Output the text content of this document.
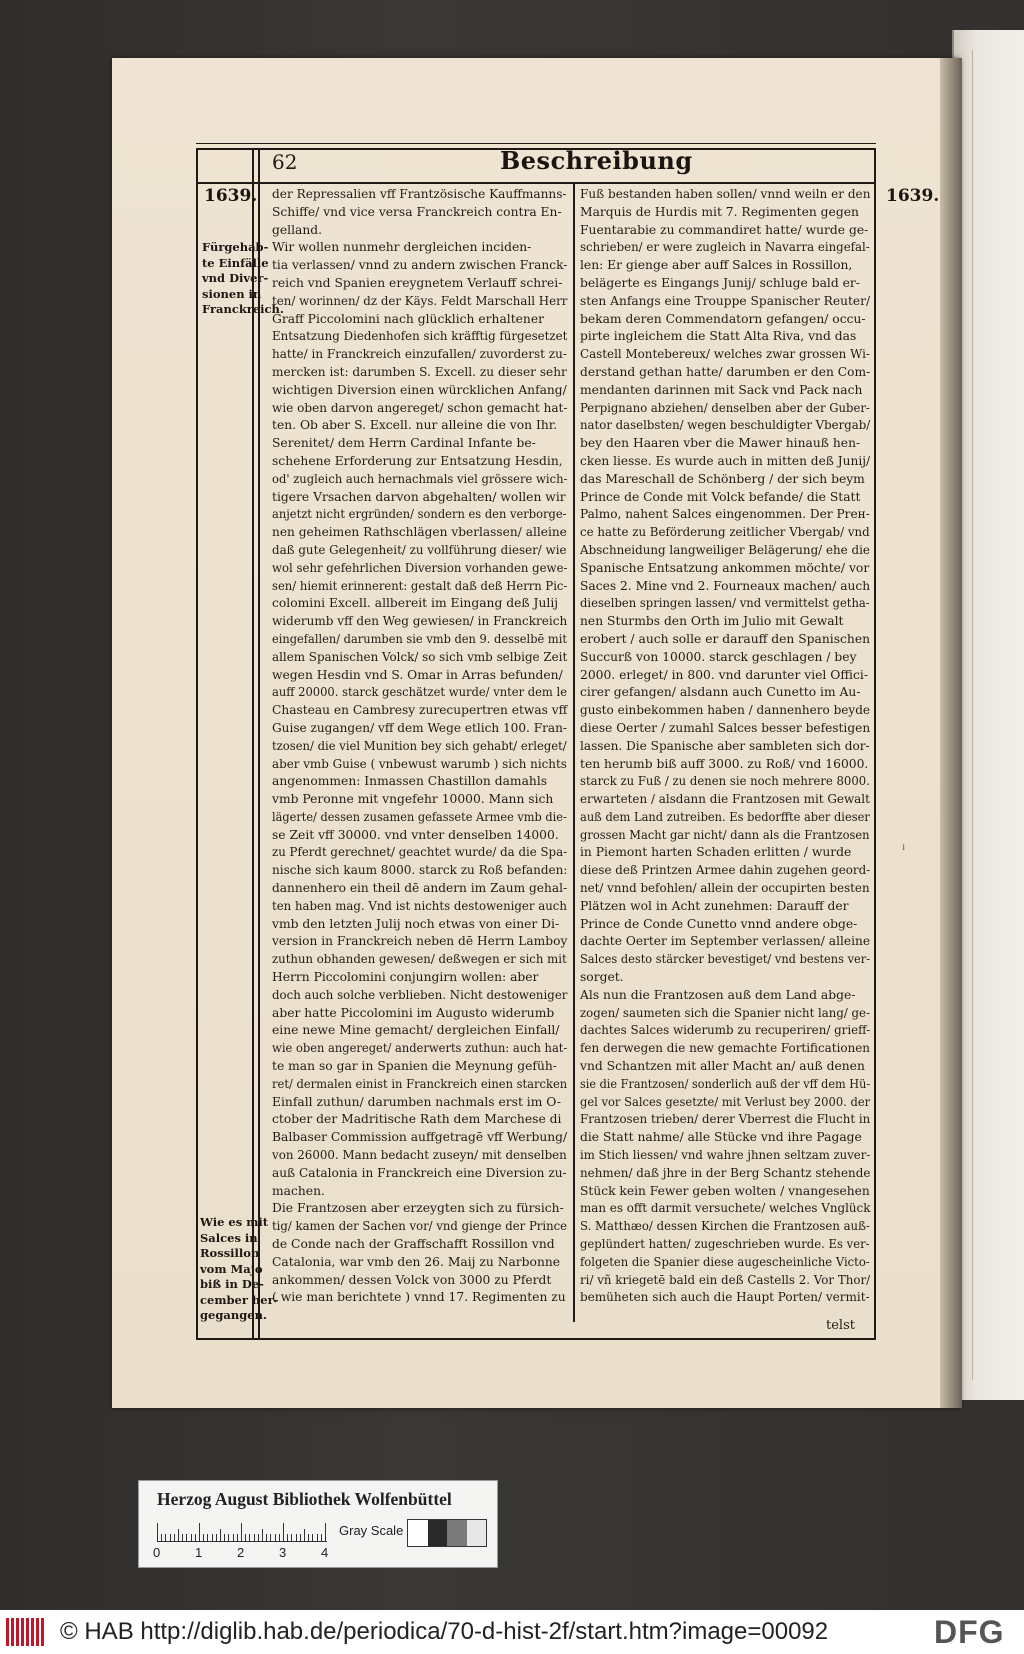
62	Beschreibung
1639.	1639.
Fürgehab-
te Einfälle
vnd Diver-
sionen in
Franckreich.
Wie es mit
Salces in
Rossillon
vom Majo
biß in De-
cember her-
gegangen.
der Repressalien vff Frantzösische Kauffmanns-
Schiffe/ vnd vice versa Franckreich contra En-
gelland.
Wir wollen nunmehr dergleichen inciden-
tia verlassen/ vnnd zu andern zwischen Franck-
reich vnd Spanien ereygnetem Verlauff schrei-
ten/ worinnen/ dz der Käys. Feldt Marschall Herr
Graff Piccolomini nach glücklich erhaltener
Entsatzung Diedenhofen sich kräfftig fürgesetzet
hatte/ in Franckreich einzufallen/ zuvorderst zu-
mercken ist: darumben S. Excell. zu dieser sehr
wichtigen Diversion einen würcklichen Anfang/
wie oben darvon angereget/ schon gemacht hat-
ten. Ob aber S. Excell. nur alleine die von Ihr.
Serenitet/ dem Herrn Cardinal Infante be-
schehene Erforderung zur Entsatzung Hesdin,
od' zugleich auch hernachmals viel grössere wich-
tigere Vrsachen darvon abgehalten/ wollen wir
anjetzt nicht ergründen/ sondern es den verborge-
nen geheimen Rathschlägen vberlassen/ alleine
daß gute Gelegenheit/ zu vollführung dieser/ wie
wol sehr gefehrlichen Diversion vorhanden gewe-
sen/ hiemit erinnerent: gestalt daß deß Herrn Pic-
colomini Excell. allbereit im Eingang deß Julij
widerumb vff den Weg gewiesen/ in Franckreich
eingefallen/ darumben sie vmb den 9. desselbē mit
allem Spanischen Volck/ so sich vmb selbige Zeit
wegen Hesdin vnd S. Omar in Arras befunden/
auff 20000. starck geschätzet wurde/ vnter dem le
Chasteau en Cambresy zurecupertren etwas vff
Guise zugangen/ vff dem Wege etlich 100. Fran-
tzosen/ die viel Munition bey sich gehabt/ erleget/
aber vmb Guise ( vnbewust warumb ) sich nichts
angenommen: Inmassen Chastillon damahls
vmb Peronne mit vngefehr 10000. Mann sich
lägerte/ dessen zusamen gefassete Armee vmb die-
se Zeit vff 30000. vnd vnter denselben 14000.
zu Pferdt gerechnet/ geachtet wurde/ da die Spa-
nische sich kaum 8000. starck zu Roß befanden:
dannenhero ein theil dē andern im Zaum gehal-
ten haben mag. Vnd ist nichts destoweniger auch
vmb den letzten Julij noch etwas von einer Di-
version in Franckreich neben dē Herrn Lamboy
zuthun obhanden gewesen/ deßwegen er sich mit
Herrn Piccolomini conjungirn wollen: aber
doch auch solche verblieben. Nicht destoweniger
aber hatte Piccolomini im Augusto widerumb
eine newe Mine gemacht/ dergleichen Einfall/
wie oben angereget/ anderwerts zuthun: auch hat-
te man so gar in Spanien die Meynung gefüh-
ret/ dermalen einist in Franckreich einen starcken
Einfall zuthun/ darumben nachmals erst im O-
ctober der Madritische Rath dem Marchese di
Balbaser Commission auffgetragē vff Werbung/
von 26000. Mann bedacht zuseyn/ mit denselben
auß Catalonia in Franckreich eine Diversion zu-
machen.
Die Frantzosen aber erzeygten sich zu fürsich-
tig/ kamen der Sachen vor/ vnd gienge der Prince
de Conde nach der Graffschafft Rossillon vnd
Catalonia, war vmb den 26. Maij zu Narbonne
ankommen/ dessen Volck von 3000 zu Pferdt
( wie man berichtete ) vnnd 17. Regimenten zu
Fuß bestanden haben sollen/ vnnd weiln er den
Marquis de Hurdis mit 7. Regimenten gegen
Fuentarabie zu commandiret hatte/ wurde ge-
schrieben/ er were zugleich in Navarra eingefal-
len: Er gienge aber auff Salces in Rossillon,
belägerte es Eingangs Junij/ schluge bald er-
sten Anfangs eine Trouppe Spanischer Reuter/
bekam deren Commendatorn gefangen/ occu-
pirte ingleichem die Statt Alta Riva, vnd das
Castell Montebereux/ welches zwar grossen Wi-
derstand gethan hatte/ darumben er den Com-
mendanten darinnen mit Sack vnd Pack nach
Perpignano abziehen/ denselben aber der Guber-
nator daselbsten/ wegen beschuldigter Vbergab/
bey den Haaren vber die Mawer hinauß hen-
cken liesse. Es wurde auch in mitten deß Junij/
das Mareschall de Schönberg / der sich beym
Prince de Conde mit Volck befande/ die Statt
Palmo, nahent Salces eingenommen. Der Prен-
ce hatte zu Beförderung zeitlicher Vbergab/ vnd
Abschneidung langweiliger Belägerung/ ehe die
Spanische Entsatzung ankommen möchte/ vor
Saces 2. Mine vnd 2. Fourneaux machen/ auch
dieselben springen lassen/ vnd vermittelst getha-
nen Sturmbs den Orth im Julio mit Gewalt
erobert / auch solle er darauff den Spanischen
Succurß von 10000. starck geschlagen / bey
2000. erleget/ in 800. vnd darunter viel Offici-
cirer gefangen/ alsdann auch Cunetto im Au-
gusto einbekommen haben / dannenhero beyde
diese Oerter / zumahl Salces besser befestigen
lassen. Die Spanische aber sambleten sich dor-
ten herumb biß auff 3000. zu Roß/ vnd 16000.
starck zu Fuß / zu denen sie noch mehrere 8000.
erwarteten / alsdann die Frantzosen mit Gewalt
auß dem Land zutreiben. Es bedorffte aber dieser
grossen Macht gar nicht/ dann als die Frantzosen
in Piemont harten Schaden erlitten / wurde
diese deß Printzen Armee dahin zugehen geord-
net/ vnnd befohlen/ allein der occupirten besten
Plätzen wol in Acht zunehmen: Darauff der
Prince de Conde Cunetto vnnd andere obge-
dachte Oerter im September verlassen/ alleine
Salces desto stärcker bevestiget/ vnd bestens ver-
sorget.
Als nun die Frantzosen auß dem Land abge-
zogen/ saumeten sich die Spanier nicht lang/ ge-
dachtes Salces widerumb zu recuperiren/ grieff-
fen derwegen die new gemachte Fortificationen
vnd Schantzen mit aller Macht an/ auß denen
sie die Frantzosen/ sonderlich auß der vff dem Hü-
gel vor Salces gesetzte/ mit Verlust bey 2000. der
Frantzosen trieben/ derer Vberrest die Flucht in
die Statt nahme/ alle Stücke vnd ihre Pagage
im Stich liessen/ vnd wahre jhnen seltzam zuver-
nehmen/ daß jhre in der Berg Schantz stehende
Stück kein Fewer geben wolten / vnangesehen
man es offt darmit versuchete/ welches Vnglück
S. Matthæo/ dessen Kirchen die Frantzosen auß-
geplündert hatten/ zugeschrieben wurde. Es ver-
folgeten die Spanier diese augescheinliche Victo-
ri/ vñ kriegetē bald ein deß Castells 2. Vor Thor/
bemüheten sich auch die Haupt Porten/ vermit-
telst
ı
Herzog August Bibliothek Wolfenbüttel
0	1	2	3	4
Gray Scale
© HAB http://diglib.hab.de/periodica/70-d-hist-2f/start.htm?image=00092	DFG
